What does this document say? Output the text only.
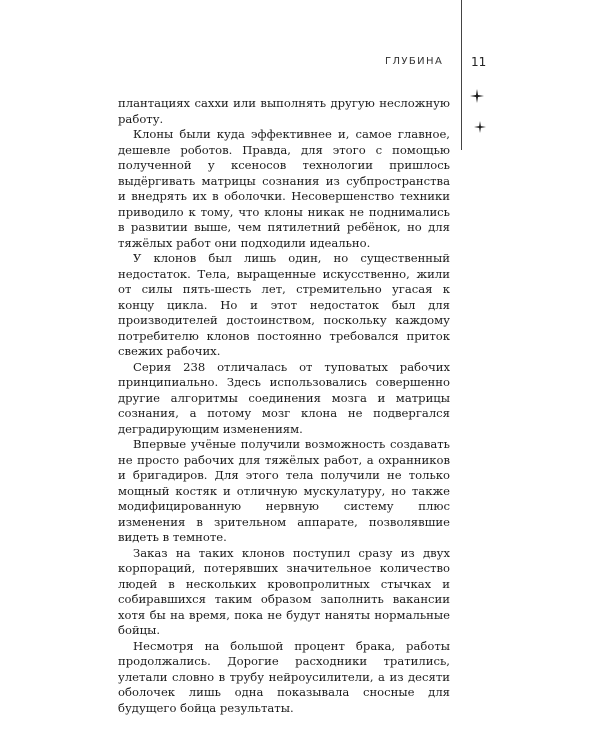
ГЛУБИНА 11

плантациях саххи или выполнять другую несложную работу.

Клоны были куда эффективнее и, самое главное, дешевле роботов. Правда, для этого с помощью полученной у ксеносов технологии пришлось выдёргивать матрицы сознания из субпространства и внедрять их в оболочки. Несовершенство техники приводило к тому, что клоны никак не поднимались в развитии выше, чем пятилетний ребёнок, но для тяжёлых работ они подходили идеально.

У клонов был лишь один, но существенный недостаток. Тела, выращенные искусственно, жили от силы пять-шесть лет, стремительно угасая к концу цикла. Но и этот недостаток был для производителей достоинством, поскольку каждому потребителю клонов постоянно требовался приток свежих рабочих.

Серия 238 отличалась от туповатых рабочих принципиально. Здесь использовались совершенно другие алгоритмы соединения мозга и матрицы сознания, а потому мозг клона не подвергался деградирующим изменениям.

Впервые учёные получили возможность создавать не просто рабочих для тяжёлых работ, а охранников и бригадиров. Для этого тела получили не только мощный костяк и отличную мускулатуру, но также модифицированную нервную систему плюс изменения в зрительном аппарате, позволявшие видеть в темноте.

Заказ на таких клонов поступил сразу из двух корпораций, потерявших значительное количество людей в нескольких кровопролитных стычках и собиравшихся таким образом заполнить вакансии хотя бы на время, пока не будут наняты нормальные бойцы.

Несмотря на большой процент брака, работы продолжались. Дорогие расходники тратились, улетали словно в трубу нейроусилители, а из десяти оболочек лишь одна показывала сносные для будущего бойца результаты.
